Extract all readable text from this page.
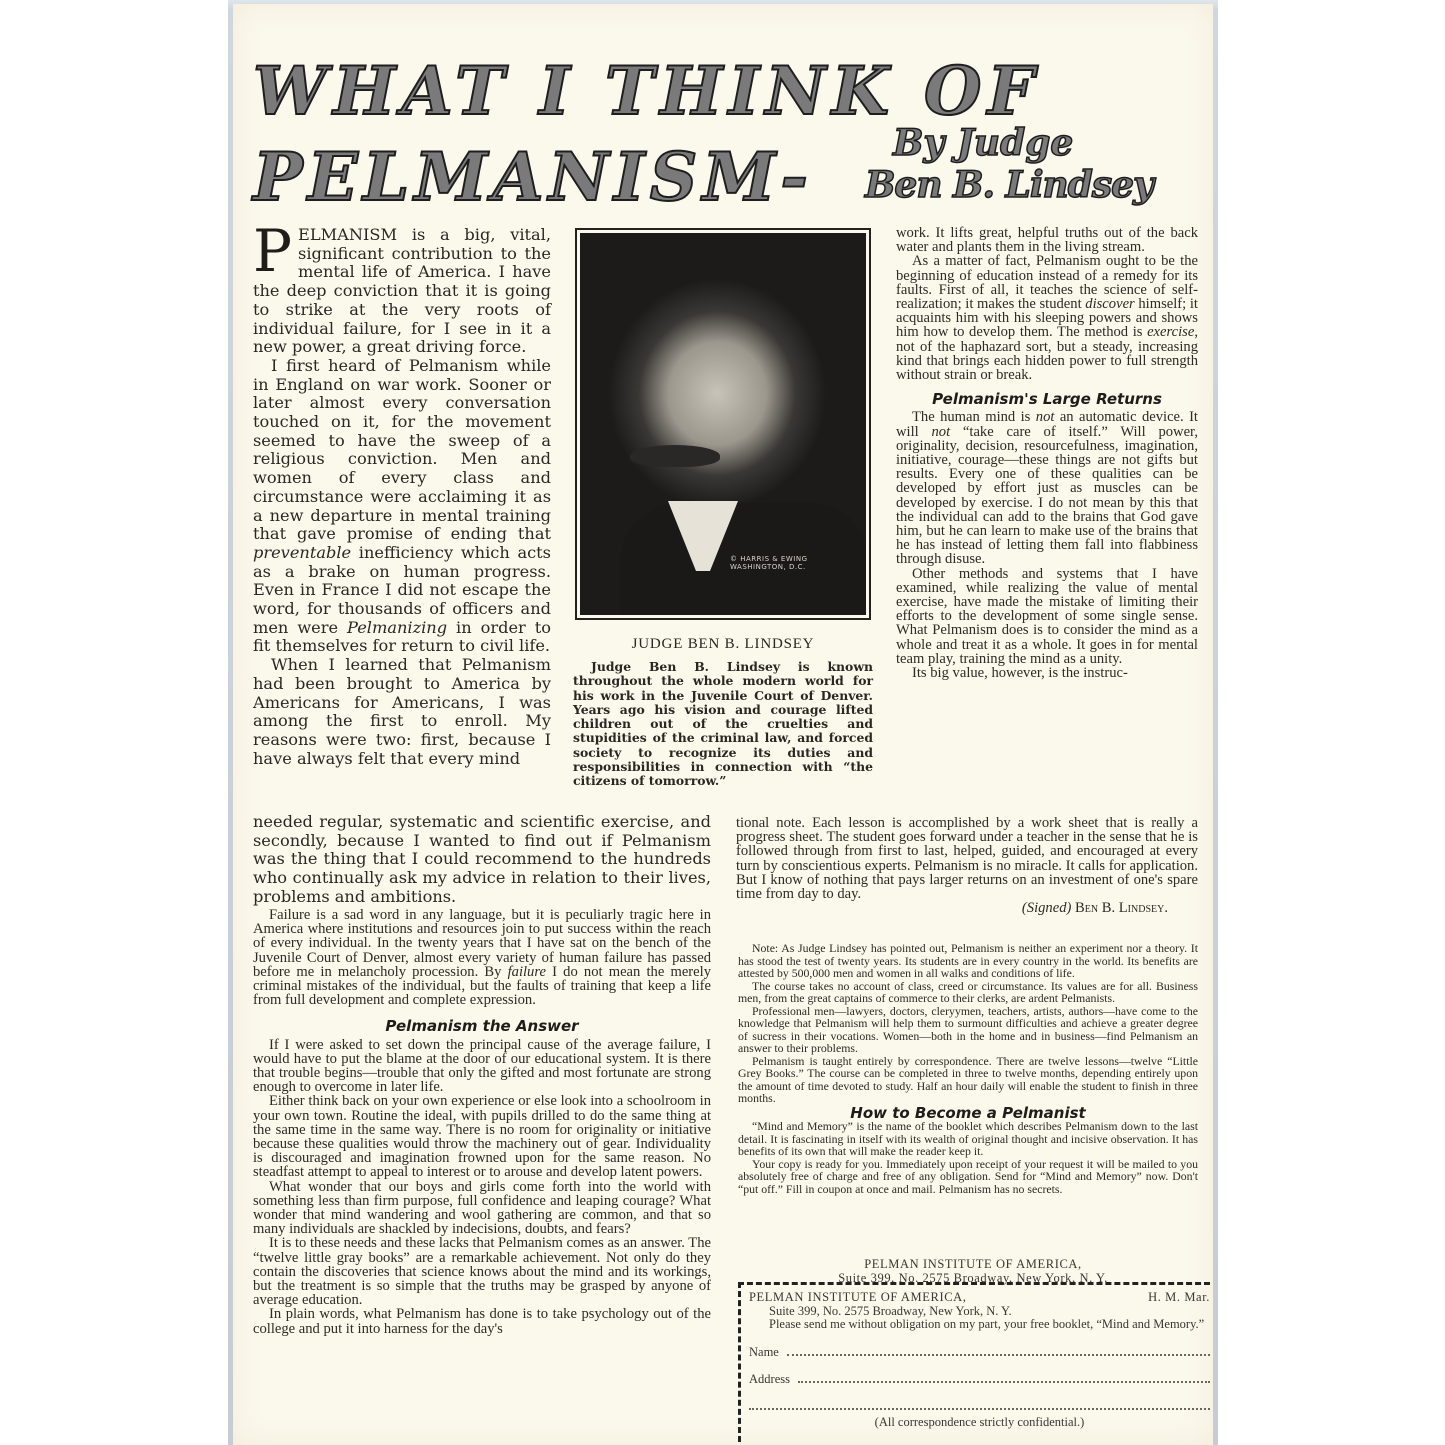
WHAT I THINK OF
PELMANISM- By Judge
Ben B. Lindsey

PELMANISM is a big, vital, significant contribution to the mental life of America. I have the deep conviction that it is going to strike at the very roots of individual failure, for I see in it a new power, a great driving force.

I first heard of Pelmanism while in England on war work. Sooner or later almost every conversation touched on it, for the movement seemed to have the sweep of a religious conviction. Men and women of every class and circumstance were acclaiming it as a new departure in mental training that gave promise of ending that preventable inefficiency which acts as a brake on human progress. Even in France I did not escape the word, for thousands of officers and men were Pelmanizing in order to fit themselves for return to civil life.

When I learned that Pelmanism had been brought to America by Americans for Americans, I was among the first to enroll. My reasons were two: first, because I have always felt that every mind

© HARRIS & EWING WASHINGTON, D.C.
JUDGE BEN B. LINDSEY

Judge Ben B. Lindsey is known throughout the whole modern world for his work in the Juvenile Court of Denver. Years ago his vision and courage lifted children out of the cruelties and stupidities of the criminal law, and forced society to recognize its duties and responsibilities in connection with “the citizens of tomorrow.”

needed regular, systematic and scientific exercise, and secondly, because I wanted to find out if Pelmanism was the thing that I could recommend to the hundreds who continually ask my advice in relation to their lives, problems and ambitions.

Failure is a sad word in any language, but it is peculiarly tragic here in America where institutions and resources join to put success within the reach of every individual. In the twenty years that I have sat on the bench of the Juvenile Court of Denver, almost every variety of human failure has passed before me in melancholy procession. By failure I do not mean the merely criminal mistakes of the individual, but the faults of training that keep a life from full development and complete expression.

Pelmanism the Answer

If I were asked to set down the principal cause of the average failure, I would have to put the blame at the door of our educational system. It is there that trouble begins—trouble that only the gifted and most fortunate are strong enough to overcome in later life.

Either think back on your own experience or else look into a schoolroom in your own town. Routine the ideal, with pupils drilled to do the same thing at the same time in the same way. There is no room for originality or initiative because these qualities would throw the machinery out of gear. Individuality is discouraged and imagination frowned upon for the same reason. No steadfast attempt to appeal to interest or to arouse and develop latent powers.

What wonder that our boys and girls come forth into the world with something less than firm purpose, full confidence and leaping courage? What wonder that mind wandering and wool gathering are common, and that so many individuals are shackled by indecisions, doubts, and fears?

It is to these needs and these lacks that Pelmanism comes as an answer. The “twelve little gray books” are a remarkable achievement. Not only do they contain the discoveries that science knows about the mind and its workings, but the treatment is so simple that the truths may be grasped by anyone of average education.

In plain words, what Pelmanism has done is to take psychology out of the college and put it into harness for the day's

work. It lifts great, helpful truths out of the back water and plants them in the living stream.

As a matter of fact, Pelmanism ought to be the beginning of education instead of a remedy for its faults. First of all, it teaches the science of self-realization; it makes the student discover himself; it acquaints him with his sleeping powers and shows him how to develop them. The method is exercise, not of the haphazard sort, but a steady, increasing kind that brings each hidden power to full strength without strain or break.

Pelmanism's Large Returns

The human mind is not an automatic device. It will not “take care of itself.” Will power, originality, decision, resourcefulness, imagination, initiative, courage—these things are not gifts but results. Every one of these qualities can be developed by effort just as muscles can be developed by exercise. I do not mean by this that the individual can add to the brains that God gave him, but he can learn to make use of the brains that he has instead of letting them fall into flabbiness through disuse.

Other methods and systems that I have examined, while realizing the value of mental exercise, have made the mistake of limiting their efforts to the development of some single sense. What Pelmanism does is to consider the mind as a whole and treat it as a whole. It goes in for mental team play, training the mind as a unity.

Its big value, however, is the instruc-

tional note. Each lesson is accomplished by a work sheet that is really a progress sheet. The student goes forward under a teacher in the sense that he is followed through from first to last, helped, guided, and encouraged at every turn by conscientious experts. Pelmanism is no miracle. It calls for application. But I know of nothing that pays larger returns on an investment of one's spare time from day to day.

(Signed) Ben B. Lindsey.

Note: As Judge Lindsey has pointed out, Pelmanism is neither an experiment nor a theory. It has stood the test of twenty years. Its students are in every country in the world. Its benefits are attested by 500,000 men and women in all walks and conditions of life.

The course takes no account of class, creed or circumstance. Its values are for all. Business men, from the great captains of commerce to their clerks, are ardent Pelmanists.

Professional men—lawyers, doctors, cleryymen, teachers, artists, authors—have come to the knowledge that Pelmanism will help them to surmount difficulties and achieve a greater degree of sucress in their vocations. Women—both in the home and in business—find Pelmanism an answer to their problems.

Pelmanism is taught entirely by correspondence. There are twelve lessons—twelve “Little Grey Books.” The course can be completed in three to twelve months, depending entirely upon the amount of time devoted to study. Half an hour daily will enable the student to finish in three months.

How to Become a Pelmanist

“Mind and Memory” is the name of the booklet which describes Pelmanism down to the last detail. It is fascinating in itself with its wealth of original thought and incisive observation. It has benefits of its own that will make the reader keep it.

Your copy is ready for you. Immediately upon receipt of your request it will be mailed to you absolutely free of charge and free of any obligation. Send for “Mind and Memory” now. Don't “put off.” Fill in coupon at once and mail. Pelmanism has no secrets.

PELMAN INSTITUTE OF AMERICA,
Suite 399, No. 2575 Broadway, New York, N. Y.
PELMAN INSTITUTE OF AMERICA,	H. M. Mar.
Suite 399, No. 2575 Broadway, New York, N. Y.
Please send me without obligation on my part, your free booklet, “Mind and Memory.”
Name
Address
(All correspondence strictly confidential.)
